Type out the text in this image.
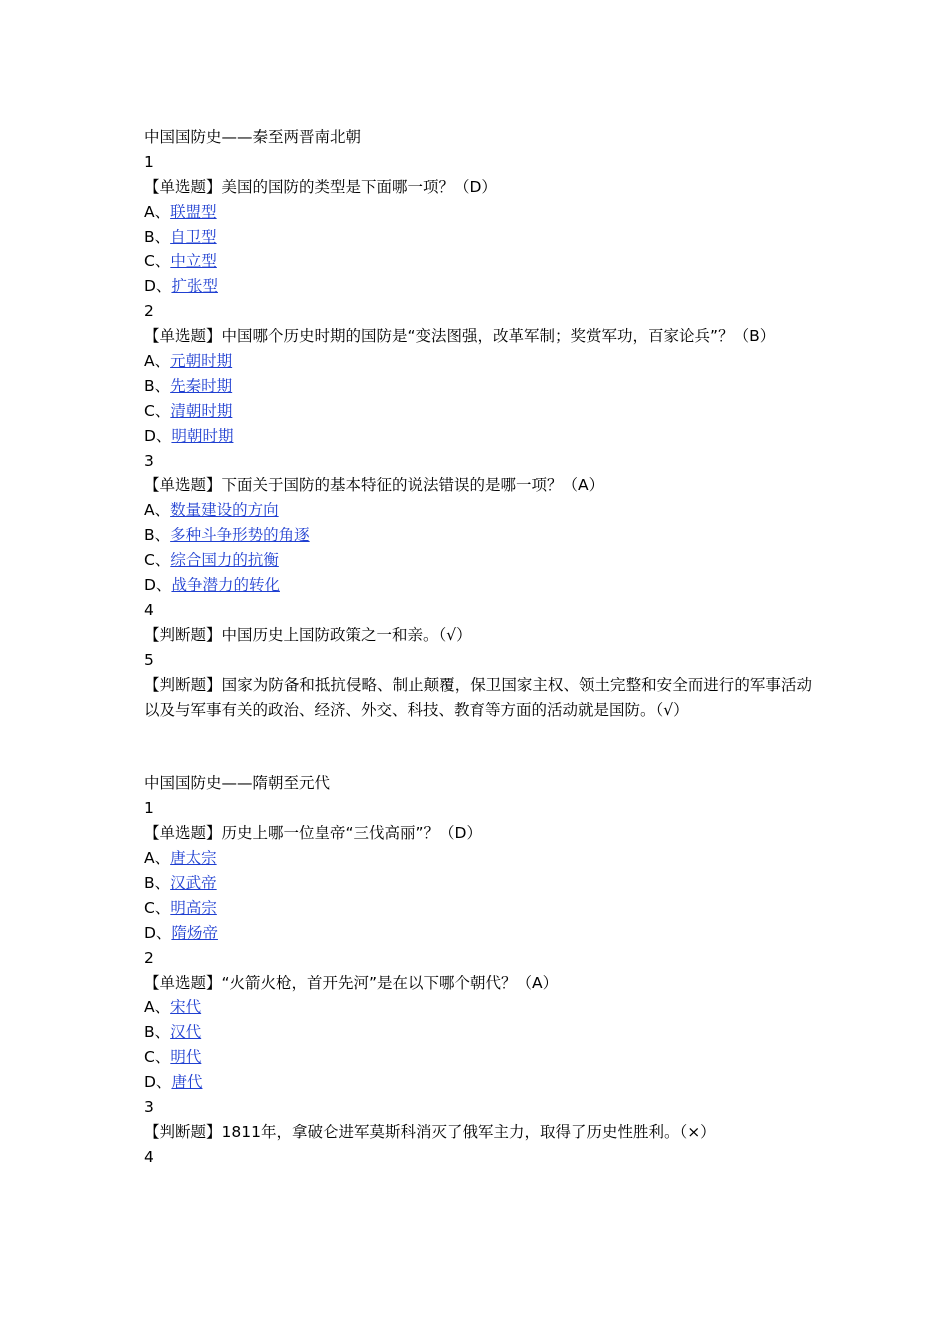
中国国防史——秦至两晋南北朝
1
【单选题】美国的国防的类型是下面哪一项？（D）
A、联盟型
B、自卫型
C、中立型
D、扩张型
2
【单选题】中国哪个历史时期的国防是“变法图强，改革军制；奖赏军功，百家论兵”？（B）
A、元朝时期
B、先秦时期
C、清朝时期
D、明朝时期
3
【单选题】下面关于国防的基本特征的说法错误的是哪一项？（A）
A、数量建设的方向
B、多种斗争形势的角逐
C、综合国力的抗衡
D、战争潜力的转化
4
【判断题】中国历史上国防政策之一和亲。（√）
5
【判断题】国家为防备和抵抗侵略、制止颠覆，保卫国家主权、领土完整和安全而进行的军事活动以及与军事有关的政治、经济、外交、科技、教育等方面的活动就是国防。（√）
中国国防史——隋朝至元代
1
【单选题】历史上哪一位皇帝“三伐高丽”？（D）
A、唐太宗
B、汉武帝
C、明高宗
D、隋炀帝
2
【单选题】“火箭火枪，首开先河”是在以下哪个朝代？（A）
A、宋代
B、汉代
C、明代
D、唐代
3
【判断题】1811年，拿破仑进军莫斯科消灭了俄军主力，取得了历史性胜利。（×）
4
